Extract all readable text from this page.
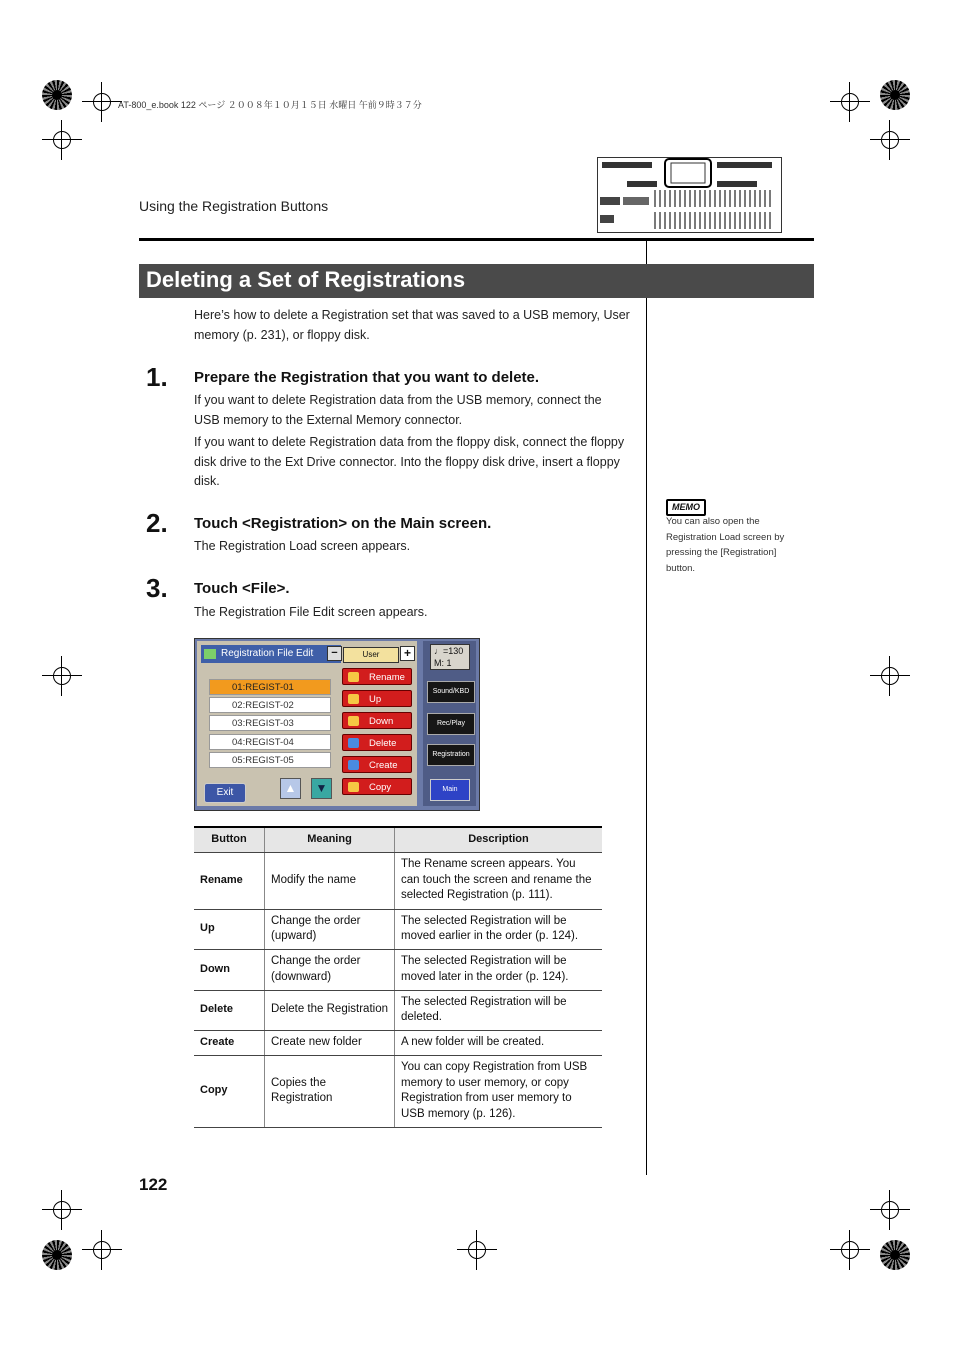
AT-800_e.book 122 ページ ２００８年１０月１５日 水曜日 午前９時３７分
Using the Registration Buttons
Deleting a Set of Registrations
Here’s how to delete a Registration set that was saved to a USB memory, User memory (p. 231), or floppy disk.
1. Prepare the Registration that you want to delete.
If you want to delete Registration data from the USB memory, connect the USB memory to the External Memory connector.
If you want to delete Registration data from the floppy disk, connect the floppy disk drive to the Ext Drive connector. Into the floppy disk drive, insert a floppy disk.
2. Touch <Registration> on the Main screen.
The Registration Load screen appears.
3. Touch <File>.
The Registration File Edit screen appears.
MEMO
You can also open the Registration Load screen by pressing the [Registration] button.
Registration File Edit	−	User	+
01:REGIST-01
02:REGIST-02
03:REGIST-03
04:REGIST-04
05:REGIST-05
Rename
Up
Down
Delete
Create
Copy
Exit	▲	▼
♩=130
M: 1
Sound/KBD
Rec/Play
Registration
Main
Button	Meaning	Description
Rename	Modify the name	The Rename screen appears. You can touch the screen and rename the selected Registration (p. 111).
Up	Change the order (upward)	The selected Registration will be moved earlier in the order (p. 124).
Down	Change the order (downward)	The selected Registration will be moved later in the order (p. 124).
Delete	Delete the Registration	The selected Registration will be deleted.
Create	Create new folder	A new folder will be created.
Copy	Copies the Registration	You can copy Registration from USB memory to user memory, or copy Registration from user memory to USB memory (p. 126).
122
